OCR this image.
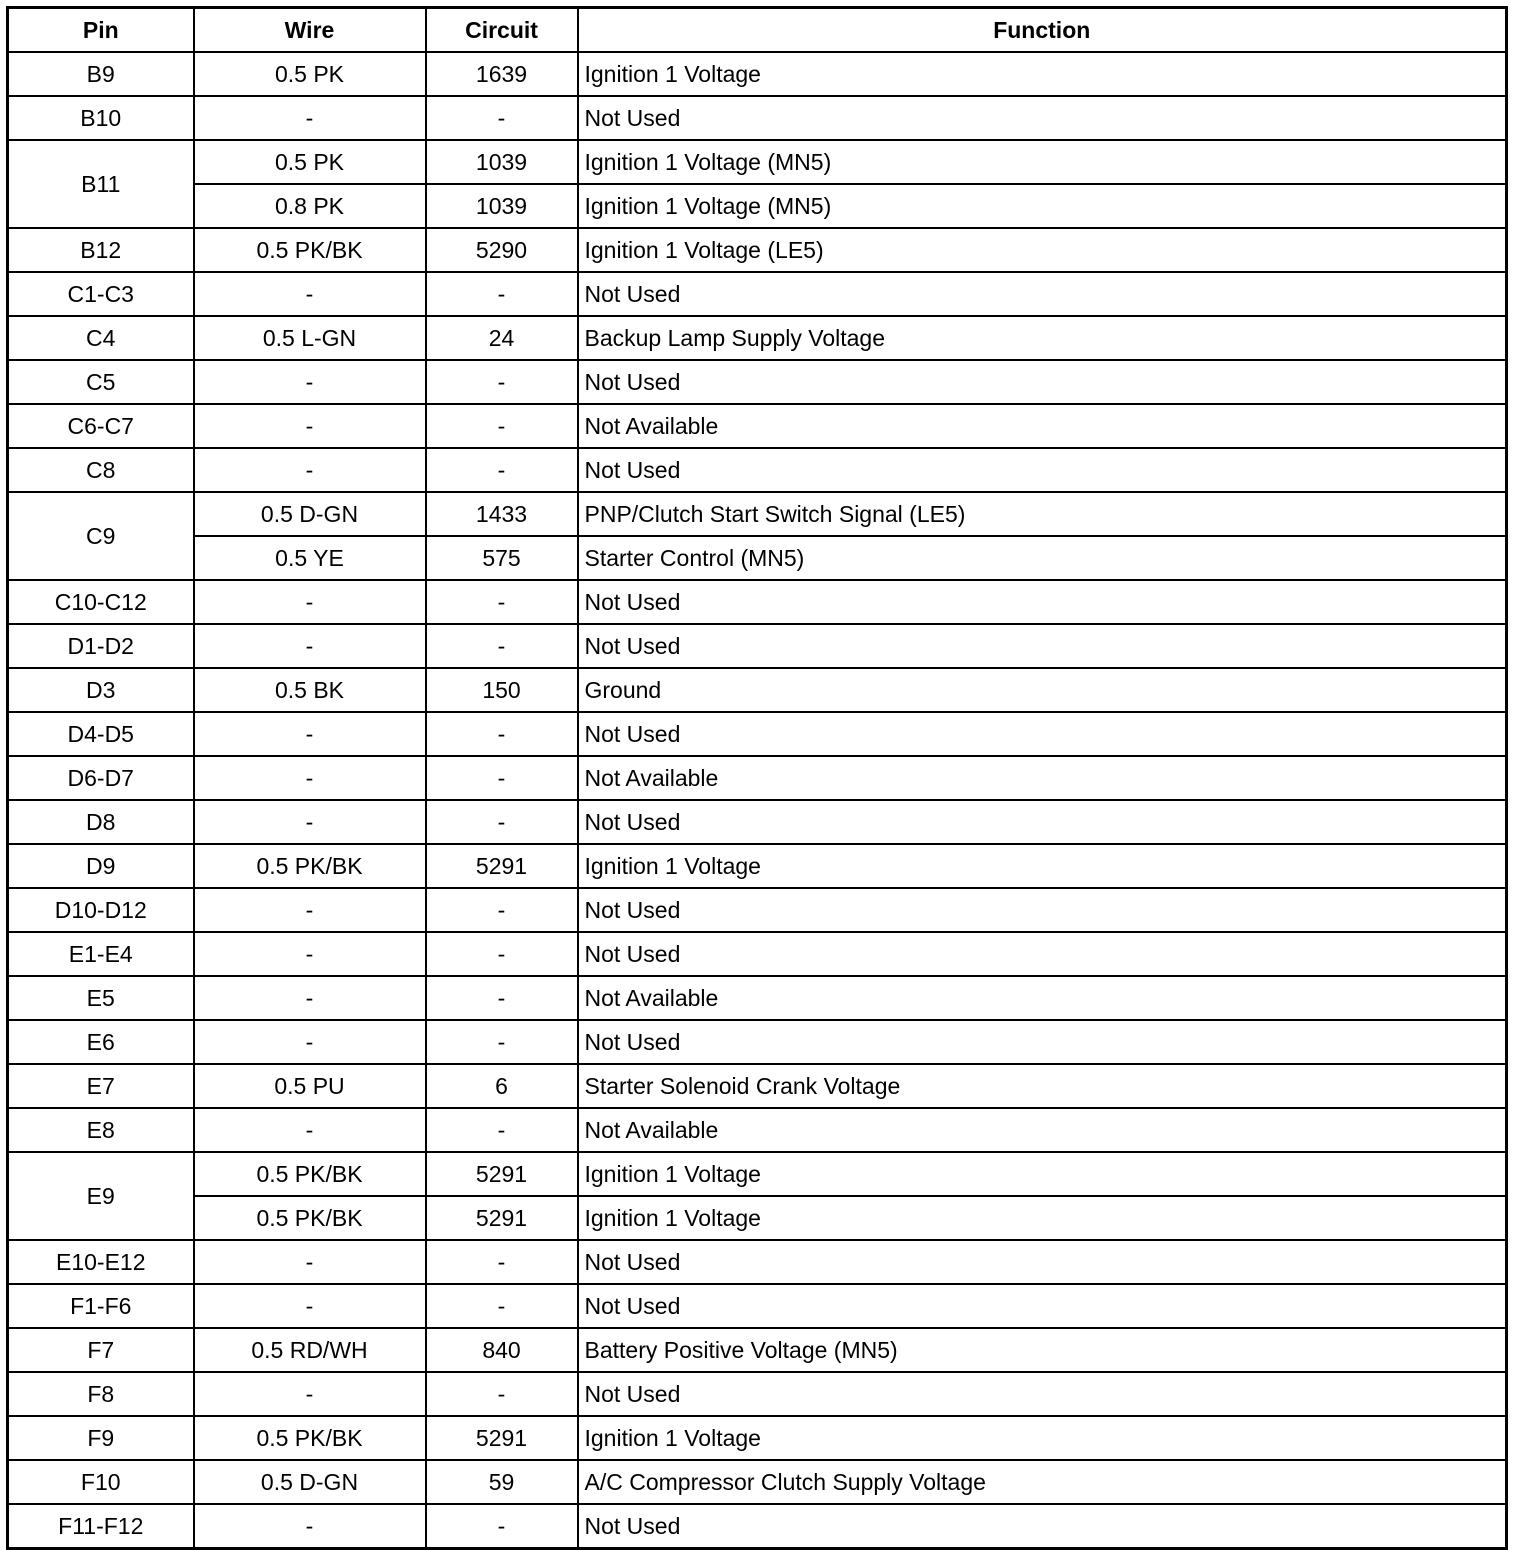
Pin	Wire	Circuit	Function
B9	0.5 PK	1639	Ignition 1 Voltage
B10	-	-	Not Used
B11	0.5 PK	1039	Ignition 1 Voltage (MN5)
	0.8 PK	1039	Ignition 1 Voltage (MN5)
B12	0.5 PK/BK	5290	Ignition 1 Voltage (LE5)
C1-C3	-	-	Not Used
C4	0.5 L-GN	24	Backup Lamp Supply Voltage
C5	-	-	Not Used
C6-C7	-	-	Not Available
C8	-	-	Not Used
C9	0.5 D-GN	1433	PNP/Clutch Start Switch Signal (LE5)
	0.5 YE	575	Starter Control (MN5)
C10-C12	-	-	Not Used
D1-D2	-	-	Not Used
D3	0.5 BK	150	Ground
D4-D5	-	-	Not Used
D6-D7	-	-	Not Available
D8	-	-	Not Used
D9	0.5 PK/BK	5291	Ignition 1 Voltage
D10-D12	-	-	Not Used
E1-E4	-	-	Not Used
E5	-	-	Not Available
E6	-	-	Not Used
E7	0.5 PU	6	Starter Solenoid Crank Voltage
E8	-	-	Not Available
E9	0.5 PK/BK	5291	Ignition 1 Voltage
	0.5 PK/BK	5291	Ignition 1 Voltage
E10-E12	-	-	Not Used
F1-F6	-	-	Not Used
F7	0.5 RD/WH	840	Battery Positive Voltage (MN5)
F8	-	-	Not Used
F9	0.5 PK/BK	5291	Ignition 1 Voltage
F10	0.5 D-GN	59	A/C Compressor Clutch Supply Voltage
F11-F12	-	-	Not Used
